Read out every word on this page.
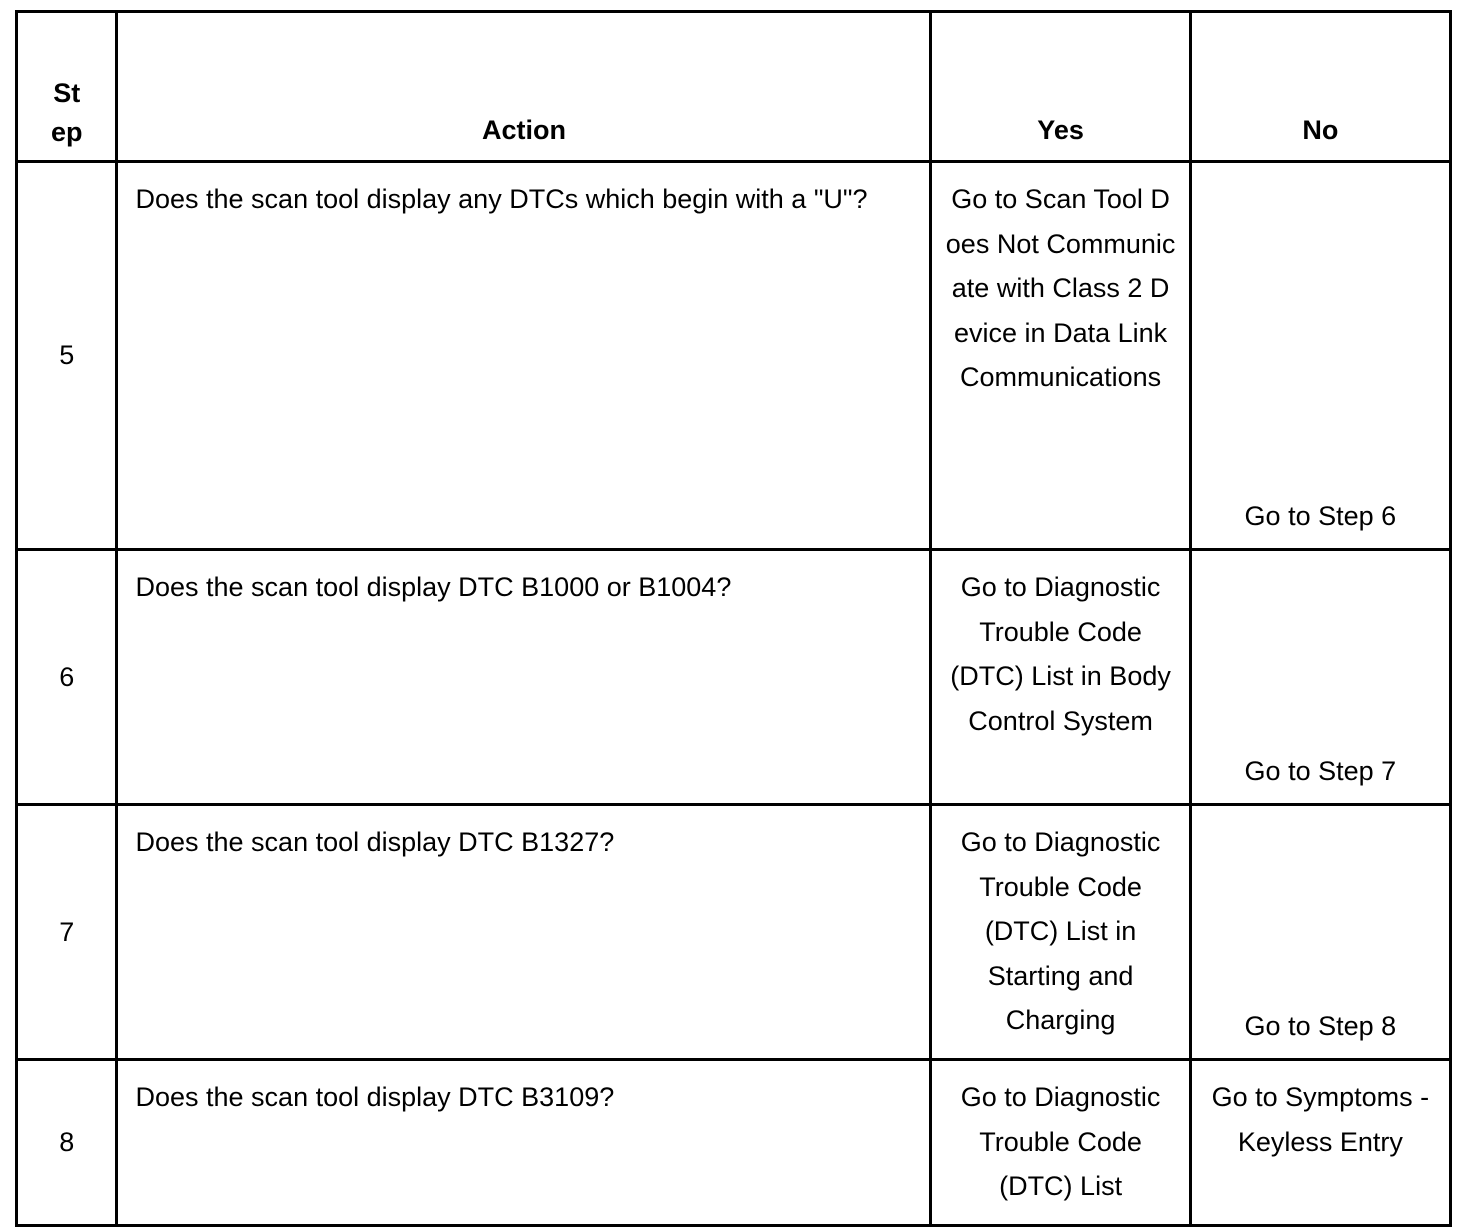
St ep	Action	Yes	No
5	Does the scan tool display any DTCs which begin with a "U"?	Go to Scan Tool Does Not Communicate with Class 2 Device in Data Link Communications	Go to Step 6
6	Does the scan tool display DTC B1000 or B1004?	Go to Diagnostic Trouble Code (DTC) List in Body Control System	Go to Step 7
7	Does the scan tool display DTC B1327?	Go to Diagnostic Trouble Code (DTC) List in Starting and Charging	Go to Step 8
8	Does the scan tool display DTC B3109?	Go to Diagnostic Trouble Code (DTC) List	Go to Symptoms - Keyless Entry
